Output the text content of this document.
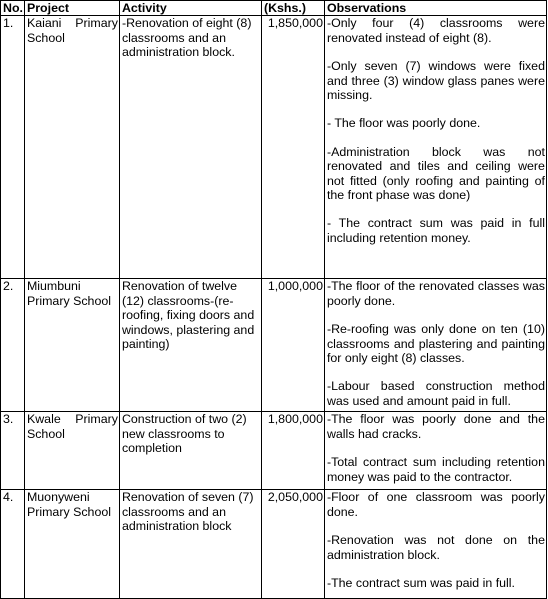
No.	Project	Activity	(Kshs.)	Observations
1.	Kaiani Primary School	-Renovation of eight (8) classrooms and an administration block.	1,850,000	-Only four (4) classrooms were renovated instead of eight (8).

-Only seven (7) windows were fixed and three (3) window glass panes were missing.

- The floor was poorly done.

-Administration block was not renovated and tiles and ceiling were not fitted (only roofing and painting of the front phase was done)

- The contract sum was paid in full including retention money.

2.	Miumbuni Primary School	Renovation of twelve (12) classrooms-(re-roofing, fixing doors and windows, plastering and painting)	1,000,000	-The floor of the renovated classes was poorly done.

-Re-roofing was only done on ten (10) classrooms and plastering and painting for only eight (8) classes.

-Labour based construction method was used and amount paid in full.

3.	Kwale Primary School	Construction of two (2) new classrooms to completion	1,800,000	-The floor was poorly done and the walls had cracks.

-Total contract sum including retention money was paid to the contractor.

4.	Muonyweni Primary School	Renovation of seven (7) classrooms and an administration block	2,050,000	-Floor of one classroom was poorly done.

-Renovation was not done on the administration block.

-The contract sum was paid in full.
